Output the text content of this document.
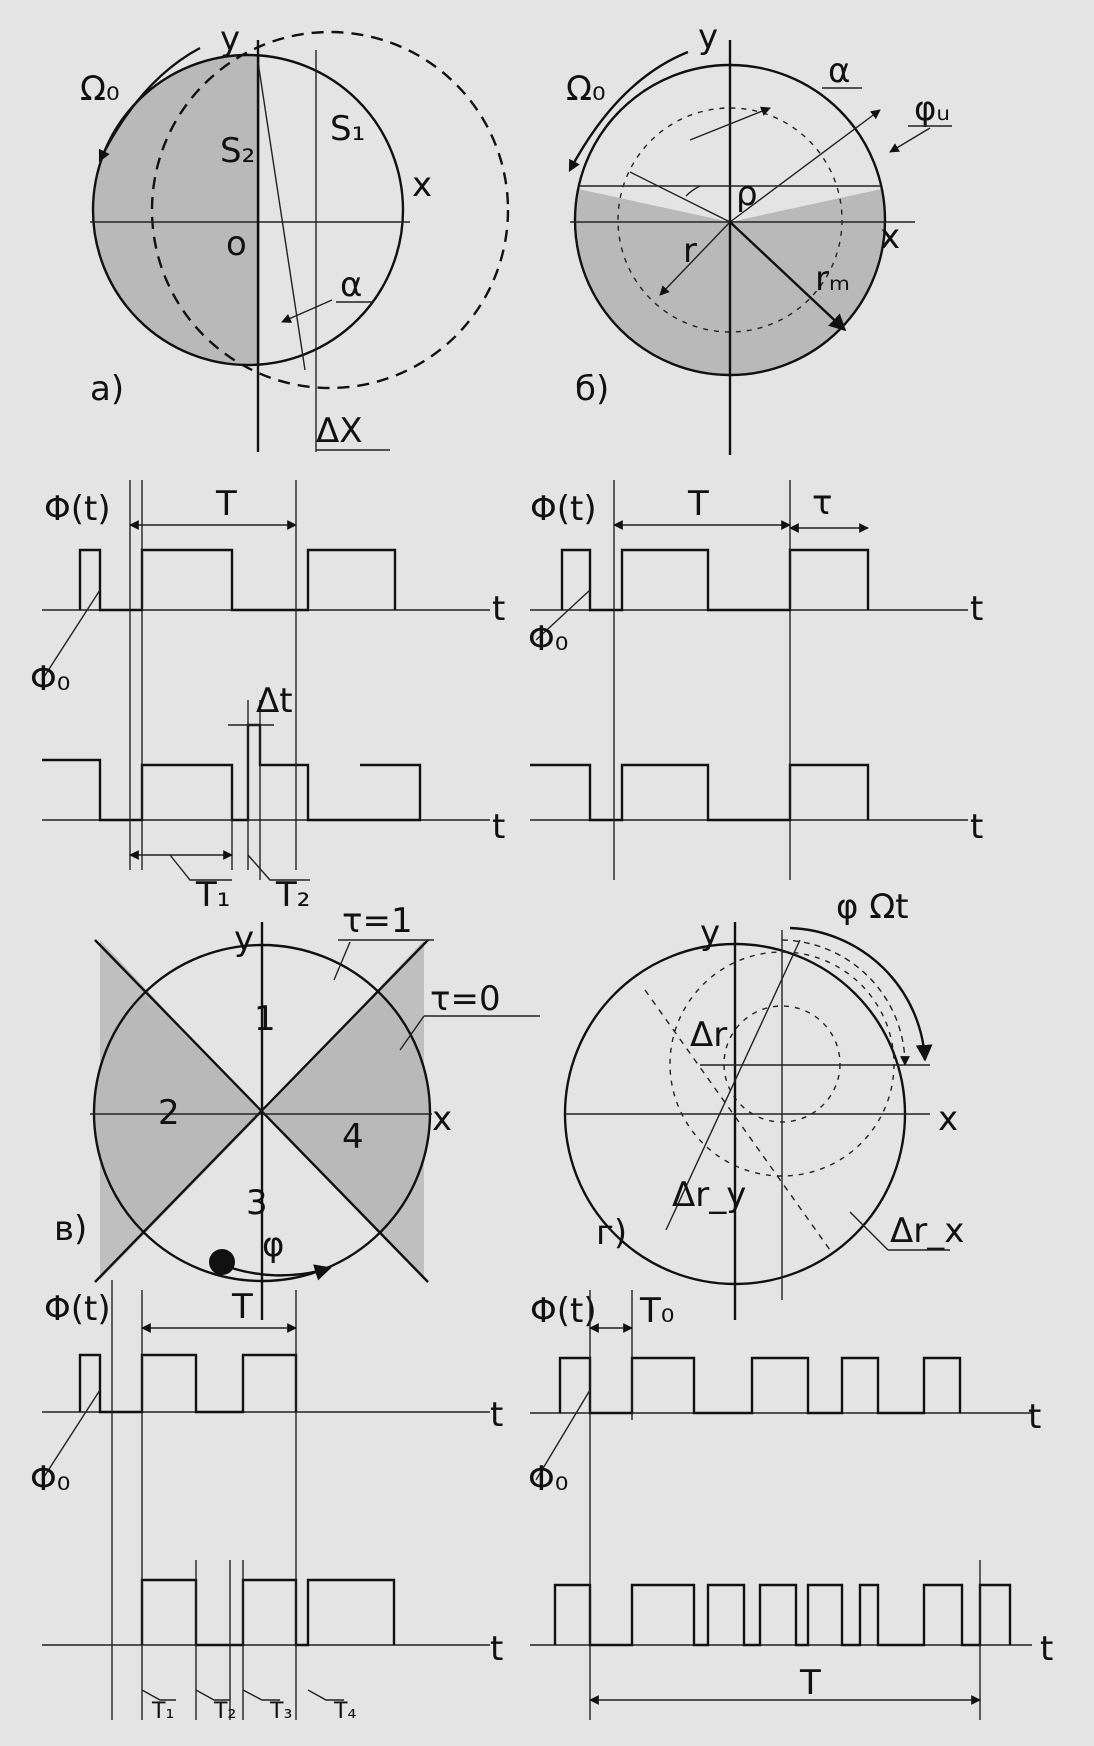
Ω₀
y
x
o
S₁
S₂
α
а)
ΔX
Ω₀
y
x
α
φᵤ
ρ
r
rₘ
б)
Φ(t)
t
t
T
Δt
Φ₀
T₁ T₂
Φ(t)
t
t
T	τ
Φ₀
y
x
τ=1
τ=0
1
2
3
4
φ
в)
y
x
φ Ωt
Δr
Δr_y
Δr_x
г)
Φ(t)
t
t
T
Φ₀
T₁ T₂ T₃ T₄
Φ(t)
t
t
T₀
Φ₀
T
